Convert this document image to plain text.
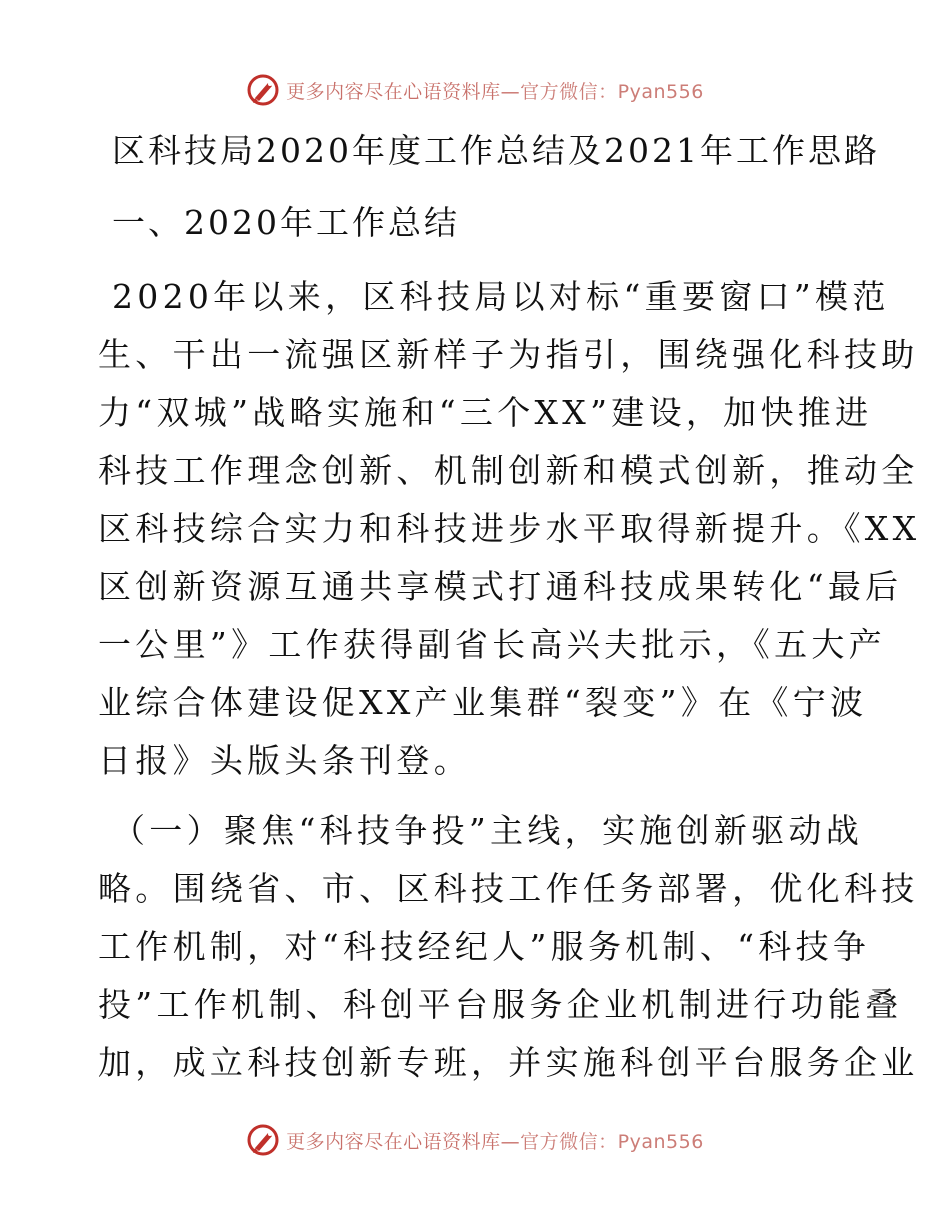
更多内容尽在心语资料库—官方微信：Pyan556
区科技局2020年度工作总结及2021年工作思路
一、2020年工作总结
2020年以来，区科技局以对标“重要窗口”模范
生、干出一流强区新样子为指引，围绕强化科技助
力“双城”战略实施和“三个XX”建设，加快推进
科技工作理念创新、机制创新和模式创新，推动全
区科技综合实力和科技进步水平取得新提升。《XX
区创新资源互通共享模式打通科技成果转化“最后
一公里”》工作获得副省长高兴夫批示，《五大产
业综合体建设促XX产业集群“裂变”》在《宁波
日报》头版头条刊登。
（一）聚焦“科技争投”主线，实施创新驱动战
略。围绕省、市、区科技工作任务部署，优化科技
工作机制，对“科技经纪人”服务机制、“科技争
投”工作机制、科创平台服务企业机制进行功能叠
加，成立科技创新专班，并实施科创平台服务企业
更多内容尽在心语资料库—官方微信：Pyan556
